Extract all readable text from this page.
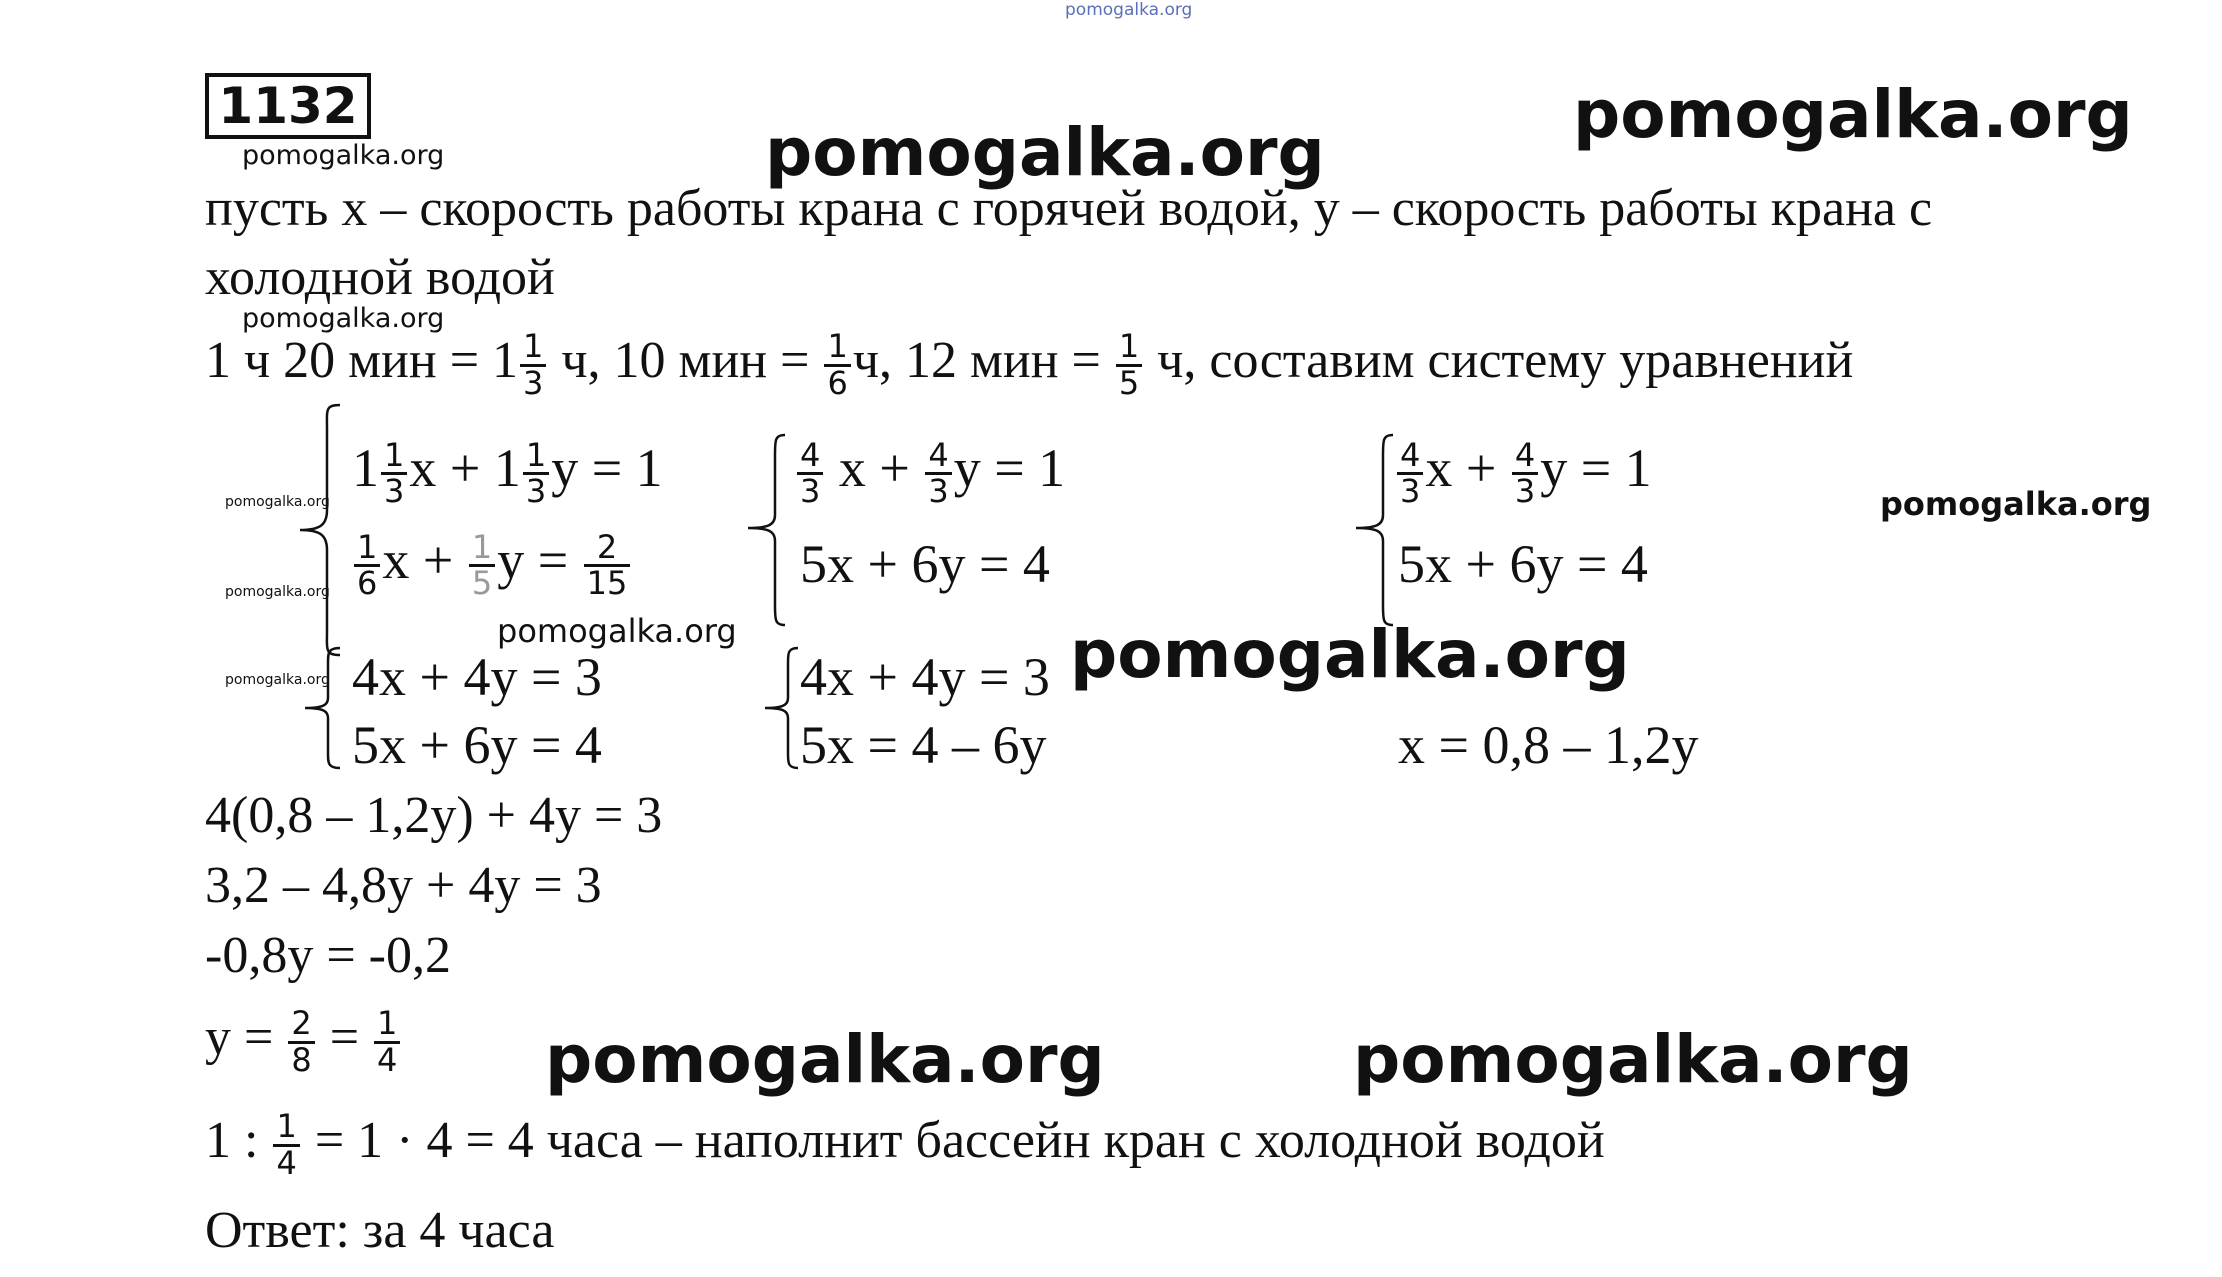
pomogalka.org
1132
pomogalka.org	pomogalka.org	pomogalka.org
pomogalka.org
pomogalka.org
pomogalka.org
pomogalka.org
pomogalka.org	pomogalka.org
pomogalka.org
pomogalka.org	pomogalka.org
пусть x – скорость работы крана с горячей водой, y – скорость работы крана с
холодной водой
1 ч 20 мин = $1 \frac{1}{3} ч$, 10 мин = $\frac{1}{6} ч$, 12 мин = $\frac{1}{5} ч$, составим систему уравнений
$1 \frac{1}{3}$ $x + 1 \frac{1}{3}$ y = 1
$\frac{1}{6}$ $x + \frac{1}{5}$ $y = \frac{2}{15}$
4x + 4y = 3
5x + 6y = 4
$\frac{4}{3}$ $x + \frac{4}{3}$ y = 1
5x + 6y = 4
4x + 4y = 3
5x = 4 – 6y
$\frac{4}{3}$ $x + \frac{4}{3}$ y = 1
5x + 6y = 4
x = 0,8 – 1,2y
4(0,8 – 1,2y) + 4y = 3
3,2 – 4,8y + 4y = 3
-0,8y = -0,2
$y = \frac{2}{8} = \frac{1}{4}$
1 : $\frac{1}{4} = 1 \cdot 4 = 4$ часа – наполнит бассейн кран с холодной водой
Ответ: за 4 часа
